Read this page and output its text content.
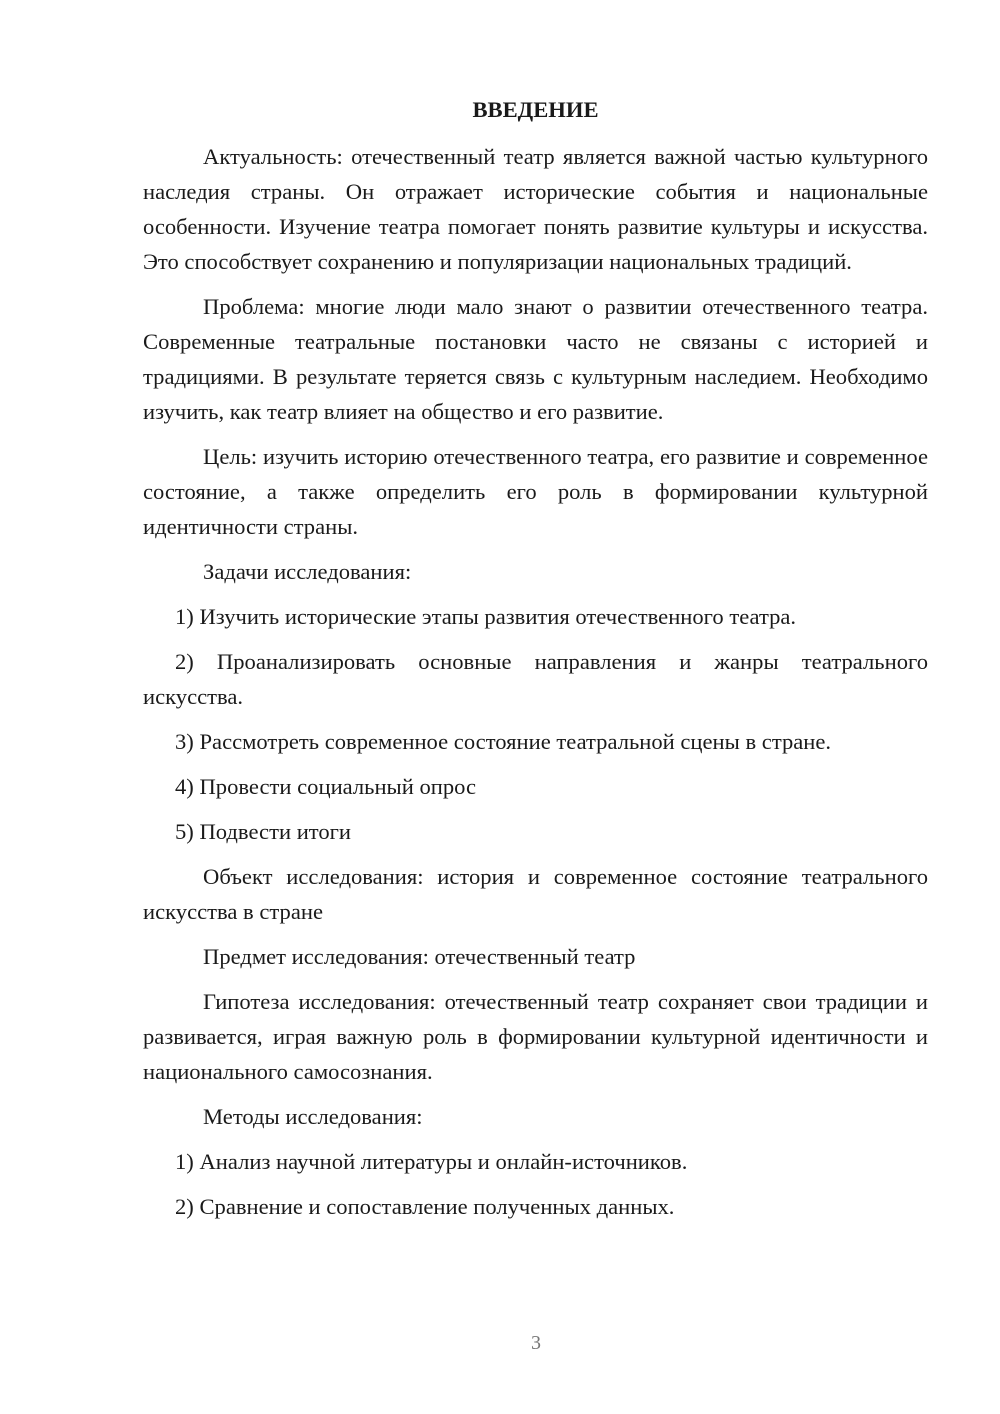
ВВЕДЕНИЕ

Актуальность: отечественный театр является важной частью культурного наследия страны. Он отражает исторические события и национальные особенности. Изучение театра помогает понять развитие культуры и искусства. Это способствует сохранению и популяризации национальных традиций.

Проблема: многие люди мало знают о развитии отечественного театра. Современные театральные постановки часто не связаны с историей и традициями. В результате теряется связь с культурным наследием. Необходимо изучить, как театр влияет на общество и его развитие.

Цель: изучить историю отечественного театра, его развитие и современное состояние, а также определить его роль в формировании культурной идентичности страны.

Задачи исследования:

1) Изучить исторические этапы развития отечественного театра.

2) Проанализировать основные направления и жанры театрального искусства.

3) Рассмотреть современное состояние театральной сцены в стране.

4) Провести социальный опрос

5) Подвести итоги

Объект исследования: история и современное состояние театрального искусства в стране

Предмет исследования: отечественный театр

Гипотеза исследования: отечественный театр сохраняет свои традиции и развивается, играя важную роль в формировании культурной идентичности и национального самосознания.

Методы исследования:

1) Анализ научной литературы и онлайн-источников.

2) Сравнение и сопоставление полученных данных.

3
